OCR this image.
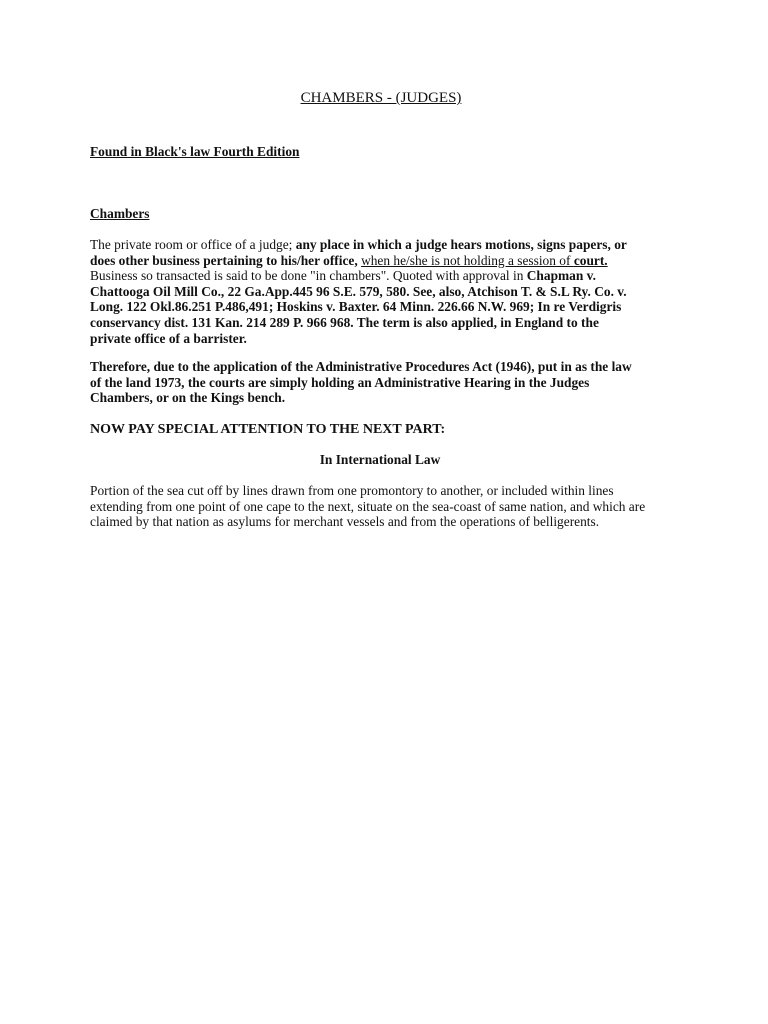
CHAMBERS - (JUDGES)
Found in Black's law Fourth Edition
Chambers
The private room or office of a judge; any place in which a judge hears motions, signs papers, or
does other business pertaining to his/her office, when he/she is not holding a session of court.
Business so transacted is said to be done "in chambers". Quoted with approval in Chapman v.
Chattooga Oil Mill Co., 22 Ga.App.445 96 S.E. 579, 580. See, also, Atchison T. & S.L Ry. Co. v.
Long. 122 Okl.86.251 P.486,491; Hoskins v. Baxter. 64 Minn. 226.66 N.W. 969; In re Verdigris
conservancy dist. 131 Kan. 214 289 P. 966 968. The term is also applied, in England to the
private office of a barrister.
Therefore, due to the application of the Administrative Procedures Act (1946), put in as the law
of the land 1973, the courts are simply holding an Administrative Hearing in the Judges
Chambers, or on the Kings bench.
NOW PAY SPECIAL ATTENTION TO THE NEXT PART:
In International Law
Portion of the sea cut off by lines drawn from one promontory to another, or included within lines
extending from one point of one cape to the next, situate on the sea-coast of same nation, and which are
claimed by that nation as asylums for merchant vessels and from the operations of belligerents.
